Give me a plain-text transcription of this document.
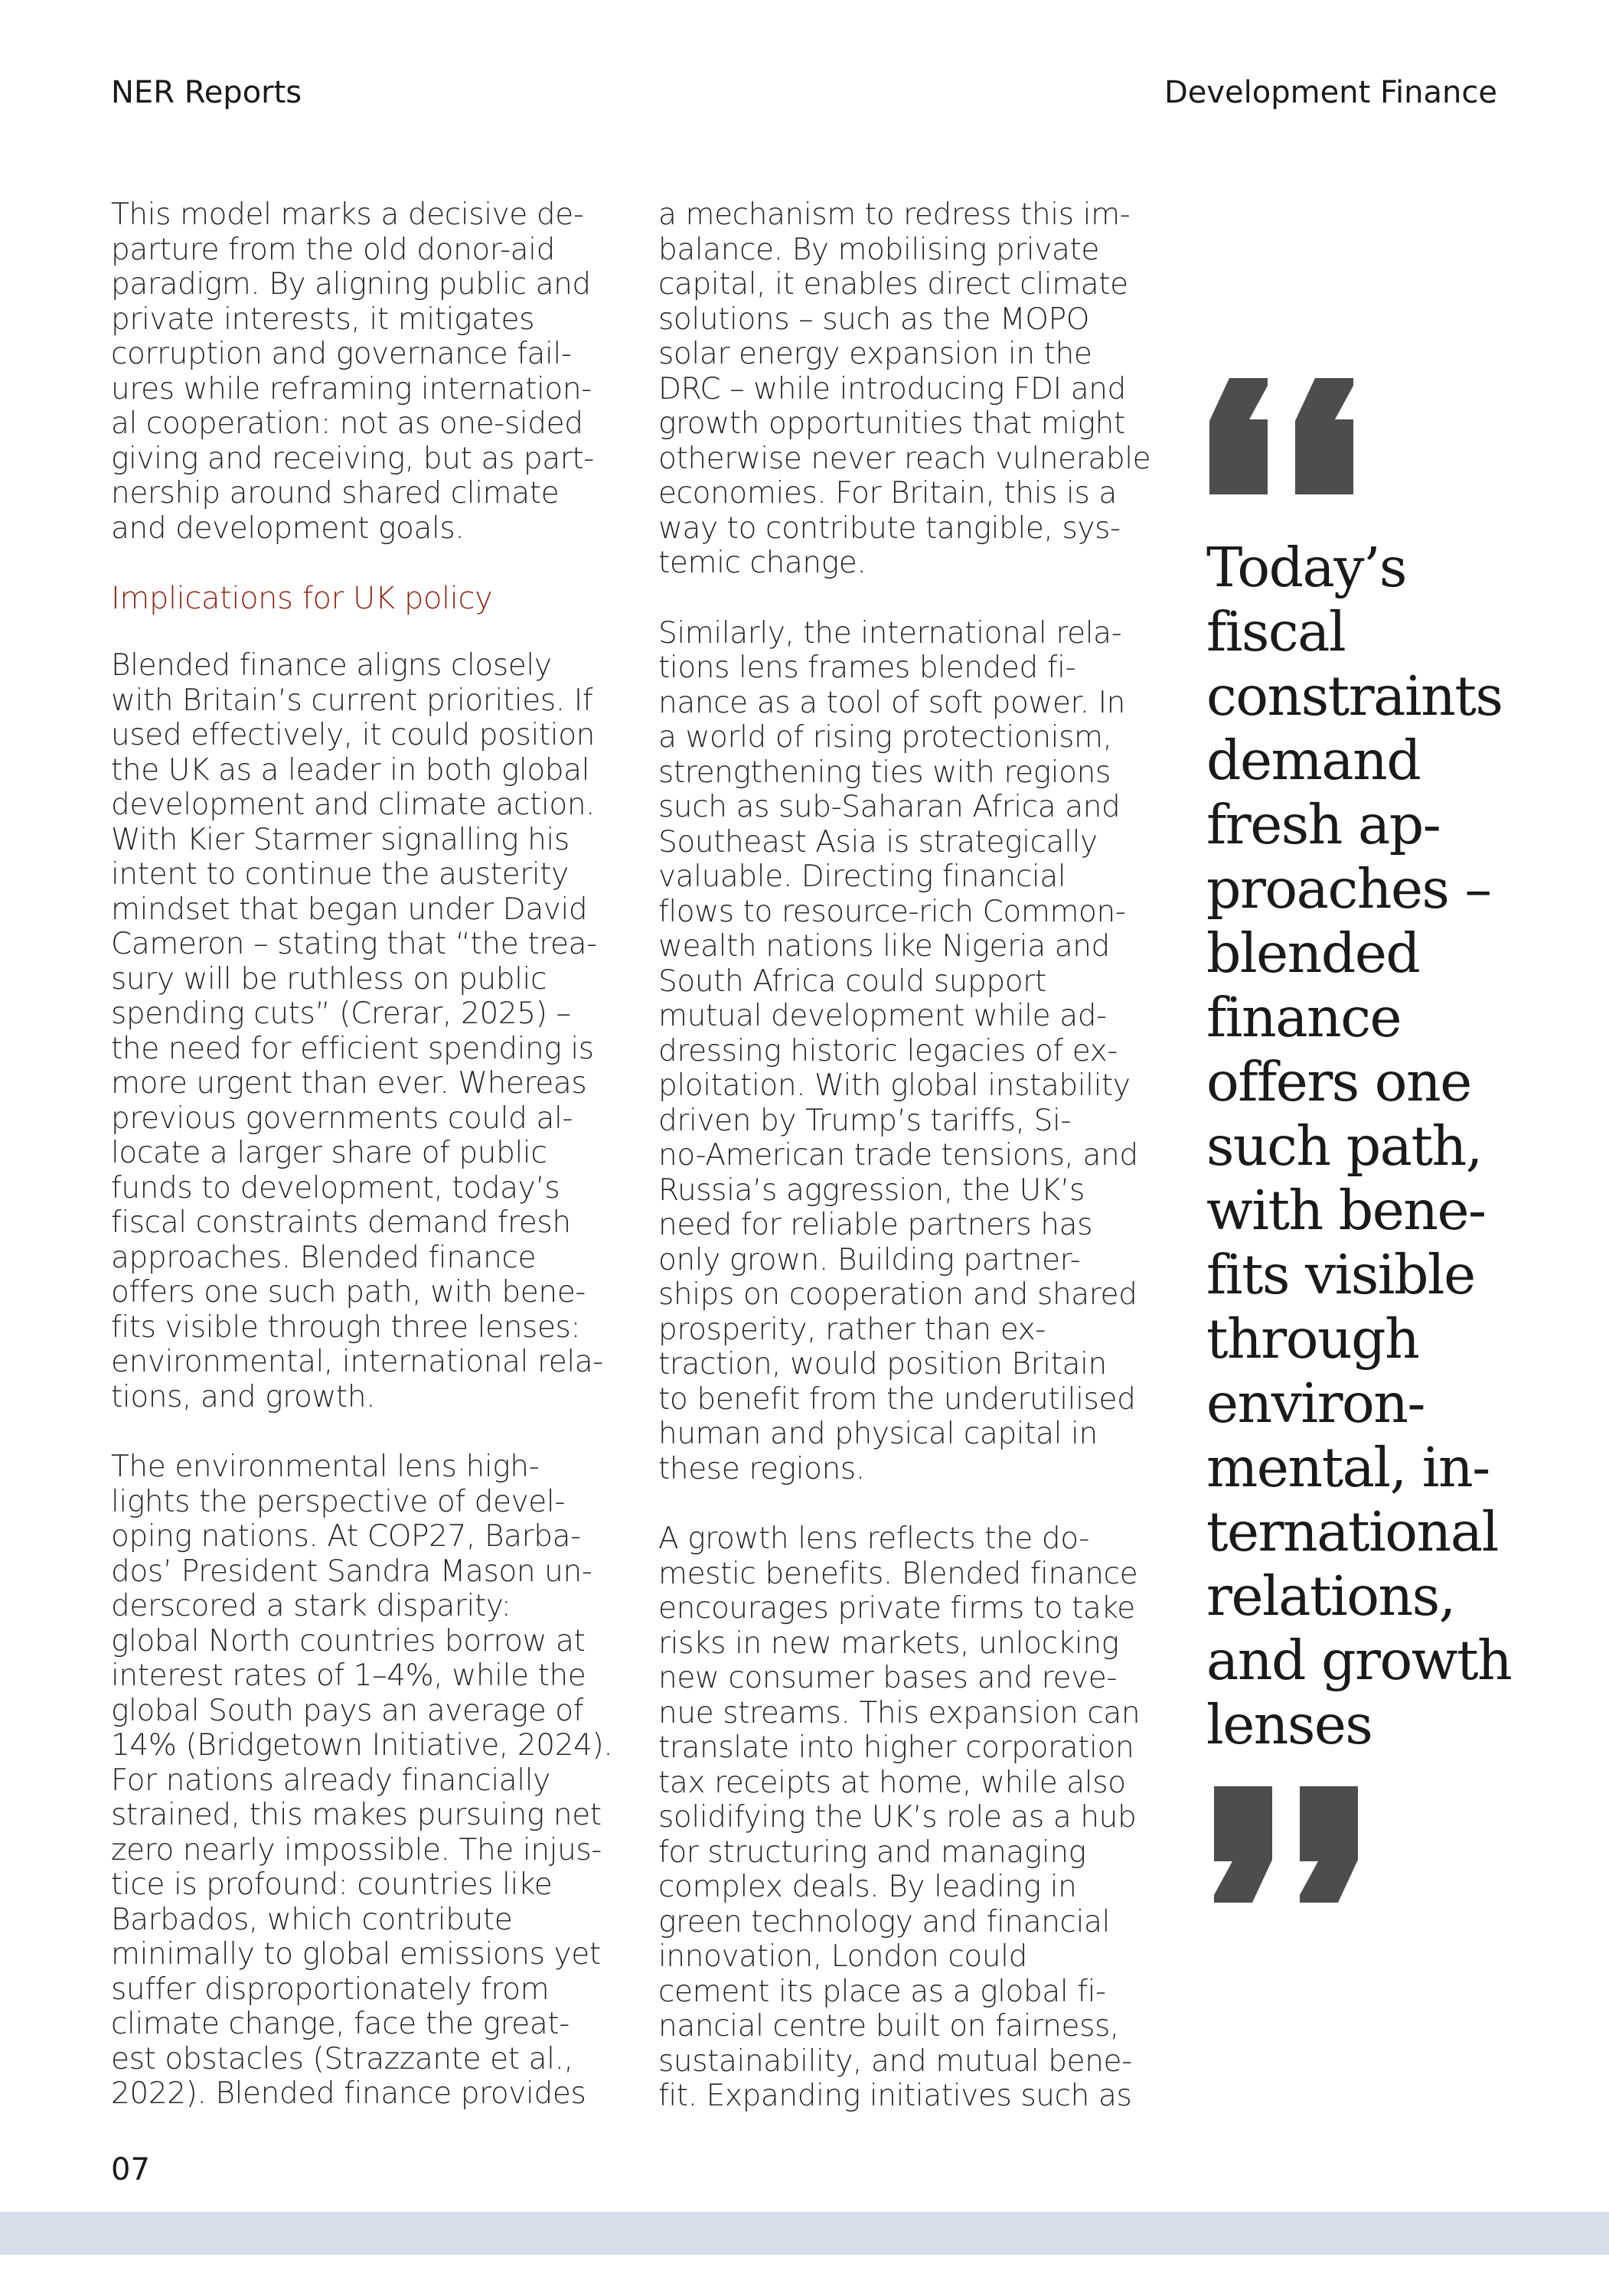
NER Reports	Development Finance

This model marks a decisive de-
parture from the old donor-aid
paradigm. By aligning public and
private interests, it mitigates
corruption and governance fail-
ures while reframing internation-
al cooperation: not as one-sided
giving and receiving, but as part-
nership around shared climate
and development goals.

Implications for UK policy

Blended finance aligns closely
with Britain’s current priorities. If
used effectively, it could position
the UK as a leader in both global
development and climate action.
With Kier Starmer signalling his
intent to continue the austerity
mindset that began under David
Cameron – stating that “the trea-
sury will be ruthless on public
spending cuts” (Crerar, 2025) –
the need for efficient spending is
more urgent than ever. Whereas
previous governments could al-
locate a larger share of public
funds to development, today’s
fiscal constraints demand fresh
approaches. Blended finance
offers one such path, with bene-
fits visible through three lenses:
environmental, international rela-
tions, and growth.

The environmental lens high-
lights the perspective of devel-
oping nations. At COP27, Barba-
dos’ President Sandra Mason un-
derscored a stark disparity:
global North countries borrow at
interest rates of 1–4%, while the
global South pays an average of
14% (Bridgetown Initiative, 2024).
For nations already financially
strained, this makes pursuing net
zero nearly impossible. The injus-
tice is profound: countries like
Barbados, which contribute
minimally to global emissions yet
suffer disproportionately from
climate change, face the great-
est obstacles (Strazzante et al.,
2022). Blended finance provides

a mechanism to redress this im-
balance. By mobilising private
capital, it enables direct climate
solutions – such as the MOPO
solar energy expansion in the
DRC – while introducing FDI and
growth opportunities that might
otherwise never reach vulnerable
economies. For Britain, this is a
way to contribute tangible, sys-
temic change.

Similarly, the international rela-
tions lens frames blended fi-
nance as a tool of soft power. In
a world of rising protectionism,
strengthening ties with regions
such as sub-Saharan Africa and
Southeast Asia is strategically
valuable. Directing financial
flows to resource-rich Common-
wealth nations like Nigeria and
South Africa could support
mutual development while ad-
dressing historic legacies of ex-
ploitation. With global instability
driven by Trump’s tariffs, Si-
no-American trade tensions, and
Russia’s aggression, the UK’s
need for reliable partners has
only grown. Building partner-
ships on cooperation and shared
prosperity, rather than ex-
traction, would position Britain
to benefit from the underutilised
human and physical capital in
these regions.

A growth lens reflects the do-
mestic benefits. Blended finance
encourages private firms to take
risks in new markets, unlocking
new consumer bases and reve-
nue streams. This expansion can
translate into higher corporation
tax receipts at home, while also
solidifying the UK’s role as a hub
for structuring and managing
complex deals. By leading in
green technology and financial
innovation, London could
cement its place as a global fi-
nancial centre built on fairness,
sustainability, and mutual bene-
fit. Expanding initiatives such as

Today’s
fiscal
constraints
demand
fresh ap-
proaches –
blended
finance
offers one
such path,
with bene-
fits visible
through
environ-
mental, in-
ternational
relations,
and growth
lenses
07
